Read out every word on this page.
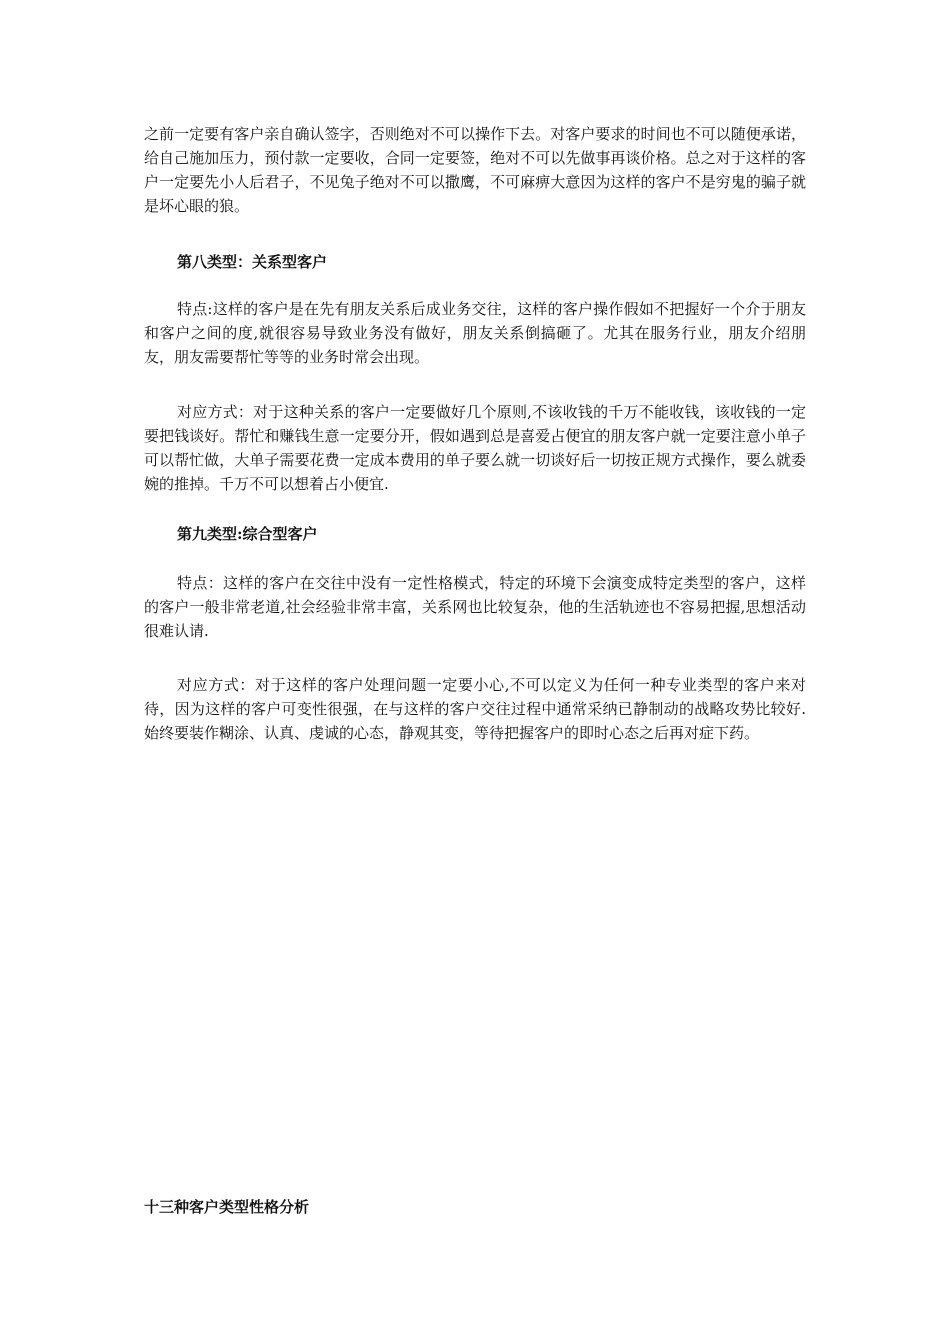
之前一定要有客户亲自确认签字，否则绝对不可以操作下去。对客户要求的时间也不可以随便承诺，给自己施加压力，预付款一定要收，合同一定要签，绝对不可以先做事再谈价格。总之对于这样的客户一定要先小人后君子，不见兔子绝对不可以撒鹰，不可麻痹大意因为这样的客户不是穷鬼的骗子就是坏心眼的狼。

第八类型：关系型客户

特点:这样的客户是在先有朋友关系后成业务交往，这样的客户操作假如不把握好一个介于朋友和客户之间的度,就很容易导致业务没有做好，朋友关系倒搞砸了。尤其在服务行业，朋友介绍朋友，朋友需要帮忙等等的业务时常会出现。

对应方式：对于这种关系的客户一定要做好几个原则,不该收钱的千万不能收钱，该收钱的一定要把钱谈好。帮忙和赚钱生意一定要分开，假如遇到总是喜爱占便宜的朋友客户就一定要注意小单子可以帮忙做，大单子需要花费一定成本费用的单子要么就一切谈好后一切按正规方式操作，要么就委婉的推掉。千万不可以想着占小便宜.

第九类型:综合型客户

特点：这样的客户在交往中没有一定性格模式，特定的环境下会演变成特定类型的客户，这样的客户一般非常老道,社会经验非常丰富，关系网也比较复杂，他的生活轨迹也不容易把握,思想活动很难认请.

对应方式：对于这样的客户处理问题一定要小心,不可以定义为任何一种专业类型的客户来对待，因为这样的客户可变性很强，在与这样的客户交往过程中通常采纳已静制动的战略攻势比较好.始终要装作糊涂、认真、虔诚的心态，静观其变，等待把握客户的即时心态之后再对症下药。

十三种客户类型性格分析
